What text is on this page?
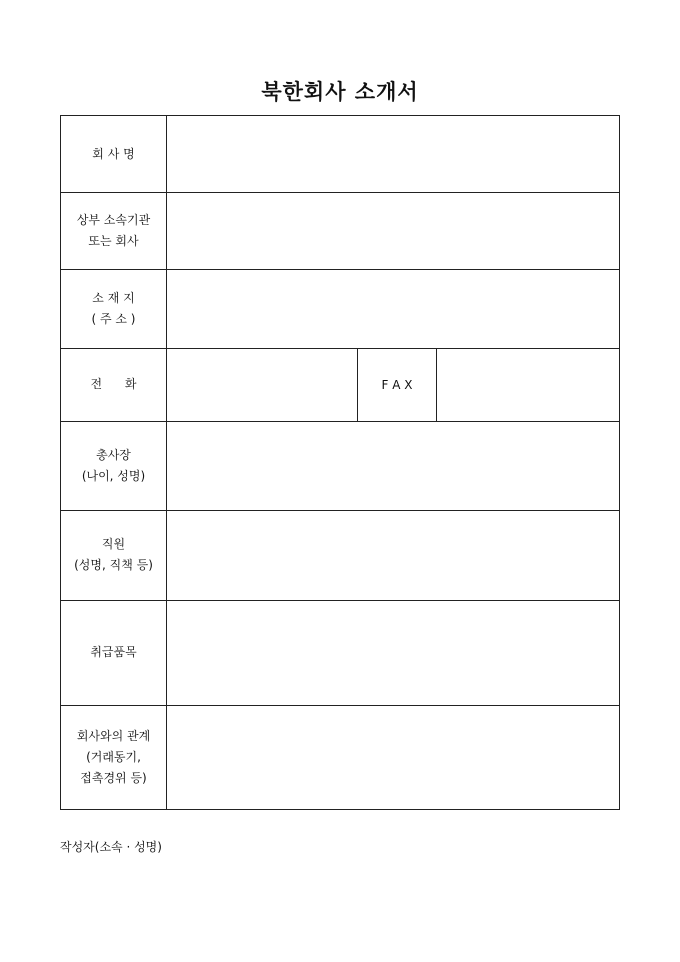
북한회사 소개서
회 사 명
상부 소속기관
또는 회사
소 재 지
( 주 소 )
전      화	F A X
총사장
(나이, 성명)
직원
(성명, 직책 등)
취급품목
회사와의 관계
(거래동기,
접촉경위 등)
작성자(소속 · 성명)
